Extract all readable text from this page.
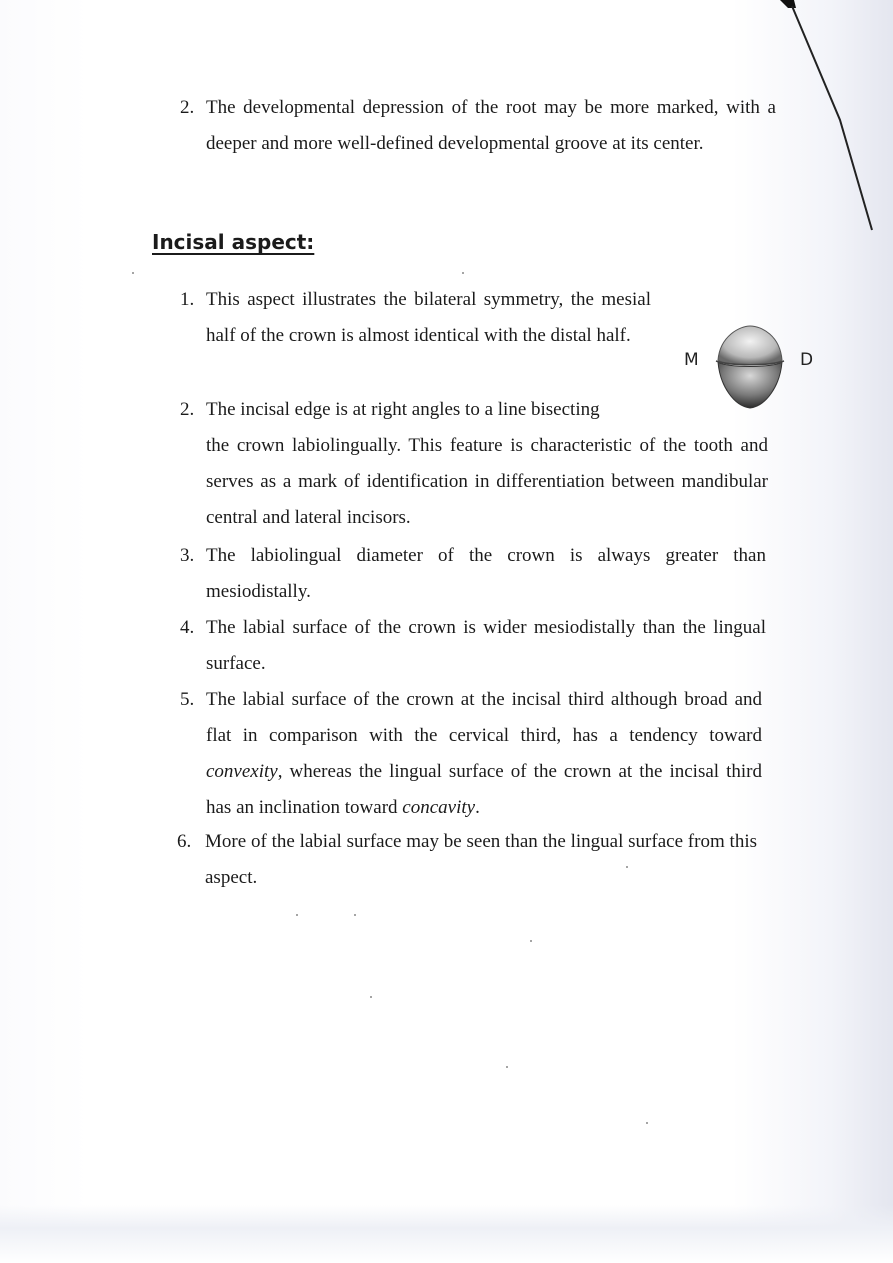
2. The developmental depression of the root may be more marked, with a deeper and more well-defined developmental groove at its center.
Incisal aspect:
M	D
1. This aspect illustrates the bilateral symmetry, the mesial half of the crown is almost identical with the distal half.
2. The incisal edge is at right angles to a line bisecting
the crown labiolingually. This feature is characteristic of the tooth and serves as a mark of identification in differentiation between mandibular central and lateral incisors.
3. The labiolingual diameter of the crown is always greater than mesiodistally.
4. The labial surface of the crown is wider mesiodistally than the lingual surface.
5. The labial surface of the crown at the incisal third although broad and flat in comparison with the cervical third, has a tendency toward convexity, whereas the lingual surface of the crown at the incisal third has an inclination toward concavity.
6. More of the labial surface may be seen than the lingual surface from this aspect.
